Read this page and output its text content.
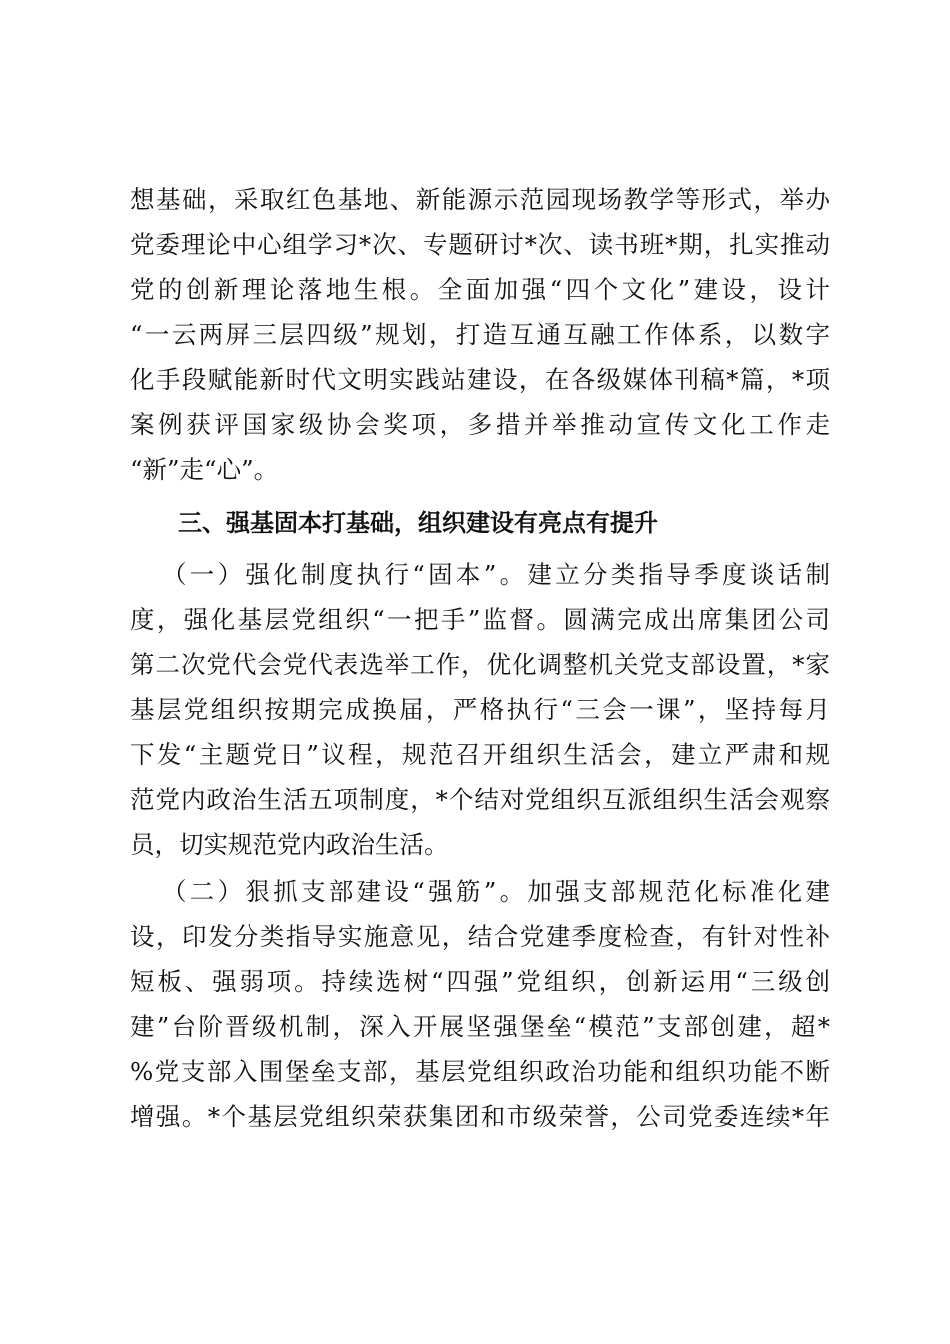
想基础，采取红色基地、新能源示范园现场教学等形式，举办
党委理论中心组学习*次、专题研讨*次、读书班*期，扎实推动
党的创新理论落地生根。全面加强“四个文化”建设，设计
“一云两屏三层四级”规划，打造互通互融工作体系，以数字
化手段赋能新时代文明实践站建设，在各级媒体刊稿*篇，*项
案例获评国家级协会奖项，多措并举推动宣传文化工作走
“新”走“心”。
三、强基固本打基础，组织建设有亮点有提升
（一）强化制度执行“固本”。建立分类指导季度谈话制
度，强化基层党组织“一把手”监督。圆满完成出席集团公司
第二次党代会党代表选举工作，优化调整机关党支部设置，*家
基层党组织按期完成换届，严格执行“三会一课”，坚持每月
下发“主题党日”议程，规范召开组织生活会，建立严肃和规
范党内政治生活五项制度，*个结对党组织互派组织生活会观察
员，切实规范党内政治生活。
（二）狠抓支部建设“强筋”。加强支部规范化标准化建
设，印发分类指导实施意见，结合党建季度检查，有针对性补
短板、强弱项。持续选树“四强”党组织，创新运用“三级创
建”台阶晋级机制，深入开展坚强堡垒“模范”支部创建，超*
%党支部入围堡垒支部，基层党组织政治功能和组织功能不断
增强。*个基层党组织荣获集团和市级荣誉，公司党委连续*年
